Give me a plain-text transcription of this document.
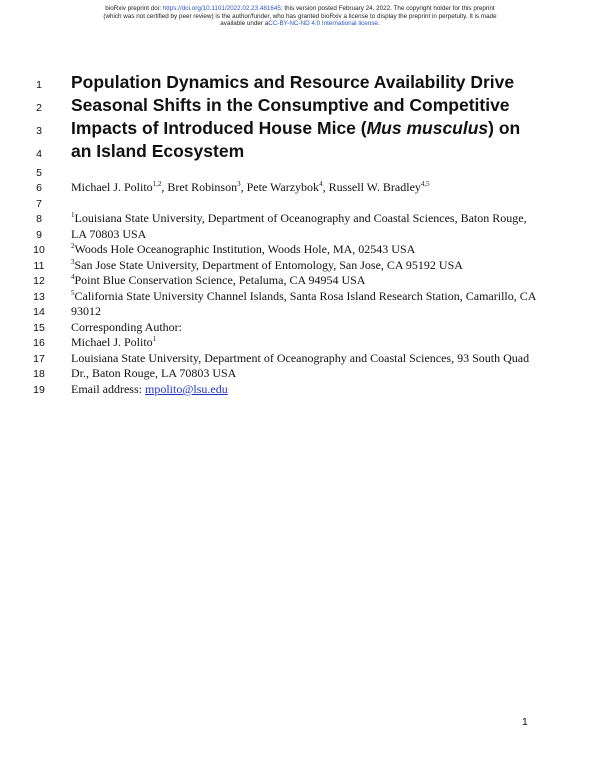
bioRxiv preprint doi: https://doi.org/10.1101/2022.02.23.481645; this version posted February 24, 2022. The copyright holder for this preprint
(which was not certified by peer review) is the author/funder, who has granted bioRxiv a license to display the preprint in perpetuity. It is made
available under aCC-BY-NC-ND 4.0 International license.
1
2
3
4
5
6
7
8
9
10
11
12
13
14
15
16
17
18
19
Population Dynamics and Resource Availability Drive
Seasonal Shifts in the Consumptive and Competitive
Impacts of Introduced House Mice (Mus musculus) on
an Island Ecosystem
Michael J. Polito$^{1,2}$, Bret Robinson$^3$, Pete Warzybok$^4$, Russell W. Bradley$^{4,5}$
$^1$Louisiana State University, Department of Oceanography and Coastal Sciences, Baton Rouge,
LA 70803 USA
$^2$Woods Hole Oceanographic Institution, Woods Hole, MA, 02543 USA
$^3$San Jose State University, Department of Entomology, San Jose, CA 95192 USA
$^4$Point Blue Conservation Science, Petaluma, CA 94954 USA
$^5$California State University Channel Islands, Santa Rosa Island Research Station, Camarillo, CA
93012
Corresponding Author:
Michael J. Polito$^1$
Louisiana State University, Department of Oceanography and Coastal Sciences, 93 South Quad
Dr., Baton Rouge, LA 70803 USA
Email address: mpolito@lsu.edu
1
